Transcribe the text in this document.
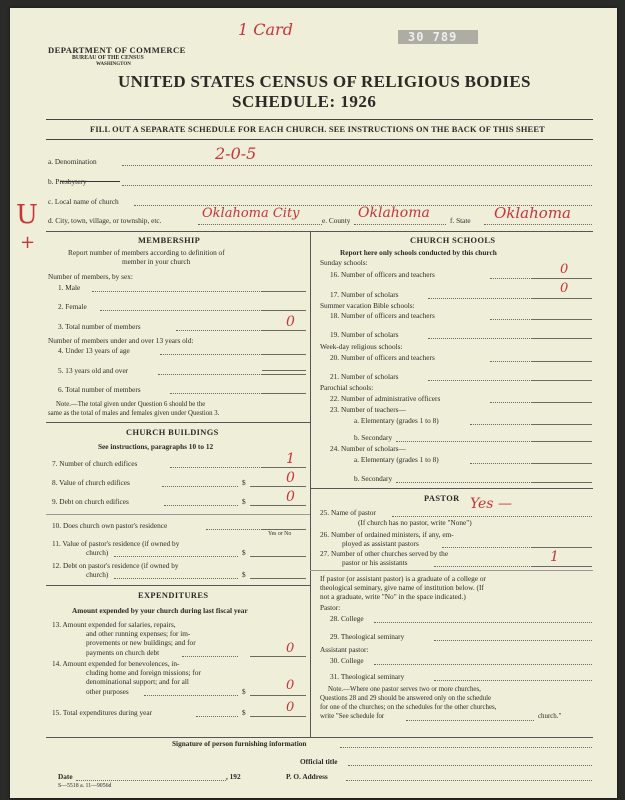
DEPARTMENT OF COMMERCE
BUREAU OF THE CENSUS
WASHINGTON
1 Card	30 789
UNITED STATES CENSUS OF RELIGIOUS BODIES
SCHEDULE: 1926
FILL OUT A SEPARATE SCHEDULE FOR EACH CHURCH. SEE INSTRUCTIONS ON THE BACK OF THIS SHEET
a. Denomination	2-0-5
b. Presbytery
c. Local name of church
U
+
d. City, town, village, or township, etc.	Oklahoma City	e. County Oklahoma	f. State Oklahoma
MEMBERSHIP
Report number of members according to definition of
member in your church
Number of members, by sex:
1. Male
2. Female
3. Total number of members	0
Number of members under and over 13 years old:
4. Under 13 years of age
5. 13 years old and over
6. Total number of members
Note.—The total given under Question 6 should be the
same as the total of males and females given under Question 3.
CHURCH BUILDINGS
See instructions, paragraphs 10 to 12
7. Number of church edifices	1
8. Value of church edifices	$	0
9. Debt on church edifices	$	0
10. Does church own pastor's residence
Yes or No
11. Value of pastor's residence (if owned by
church)	$
12. Debt on pastor's residence (if owned by
church)	$
EXPENDITURES
Amount expended by your church during last fiscal year
13. Amount expended for salaries, repairs,
and other running expenses; for im-
provements or new buildings; and for
payments on church debt	0
14. Amount expended for benevolences, in-
cluding home and foreign missions; for
denominational support; and for all
other purposes	$	0
15. Total expenditures during year	$	0
CHURCH SCHOOLS
Report here only schools conducted by this church
Sunday schools:
16. Number of officers and teachers	0
17. Number of scholars	0
Summer vacation Bible schools:
18. Number of officers and teachers
19. Number of scholars
Week-day religious schools:
20. Number of officers and teachers
21. Number of scholars
Parochial schools:
22. Number of administrative officers
23. Number of teachers—
a. Elementary (grades 1 to 8)
b. Secondary
24. Number of scholars—
a. Elementary (grades 1 to 8)
b. Secondary
PASTOR
25. Name of pastor
Yes —
(If church has no pastor, write "None")
26. Number of ordained ministers, if any, em-
ployed as assistant pastors
27. Number of other churches served by the
pastor or his assistants	1
If pastor (or assistant pastor) is a graduate of a college or
theological seminary, give name of institution below. (If
not a graduate, write "No" in the space indicated.)
Pastor:
28. College
29. Theological seminary
Assistant pastor:
30. College
31. Theological seminary
Note.—Where one pastor serves two or more churches,
Questions 28 and 29 should be answered only on the schedule
for one of the churches; on the schedules for the other churches,
write "See schedule for	church."
Signature of person furnishing information
Official title
Date	, 192	P. O. Address
S—5518 a. 11—9056d
